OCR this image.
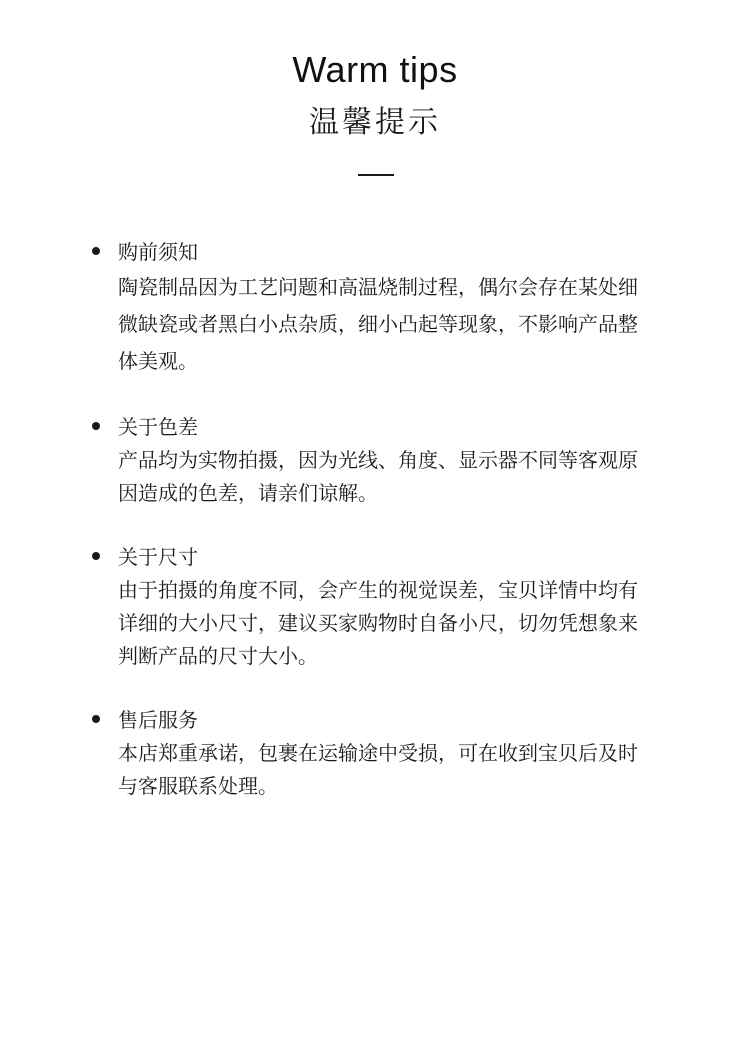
Warm tips
温馨提示
购前须知
陶瓷制品因为工艺问题和高温烧制过程，偶尔会存在某处细微缺瓷或者黑白小点杂质，细小凸起等现象，不影响产品整体美观。
关于色差
产品均为实物拍摄，因为光线、角度、显示器不同等客观原因造成的色差，请亲们谅解。
关于尺寸
由于拍摄的角度不同，会产生的视觉误差，宝贝详情中均有详细的大小尺寸，建议买家购物时自备小尺，切勿凭想象来判断产品的尺寸大小。
售后服务
本店郑重承诺，包裹在运输途中受损，可在收到宝贝后及时与客服联系处理。
